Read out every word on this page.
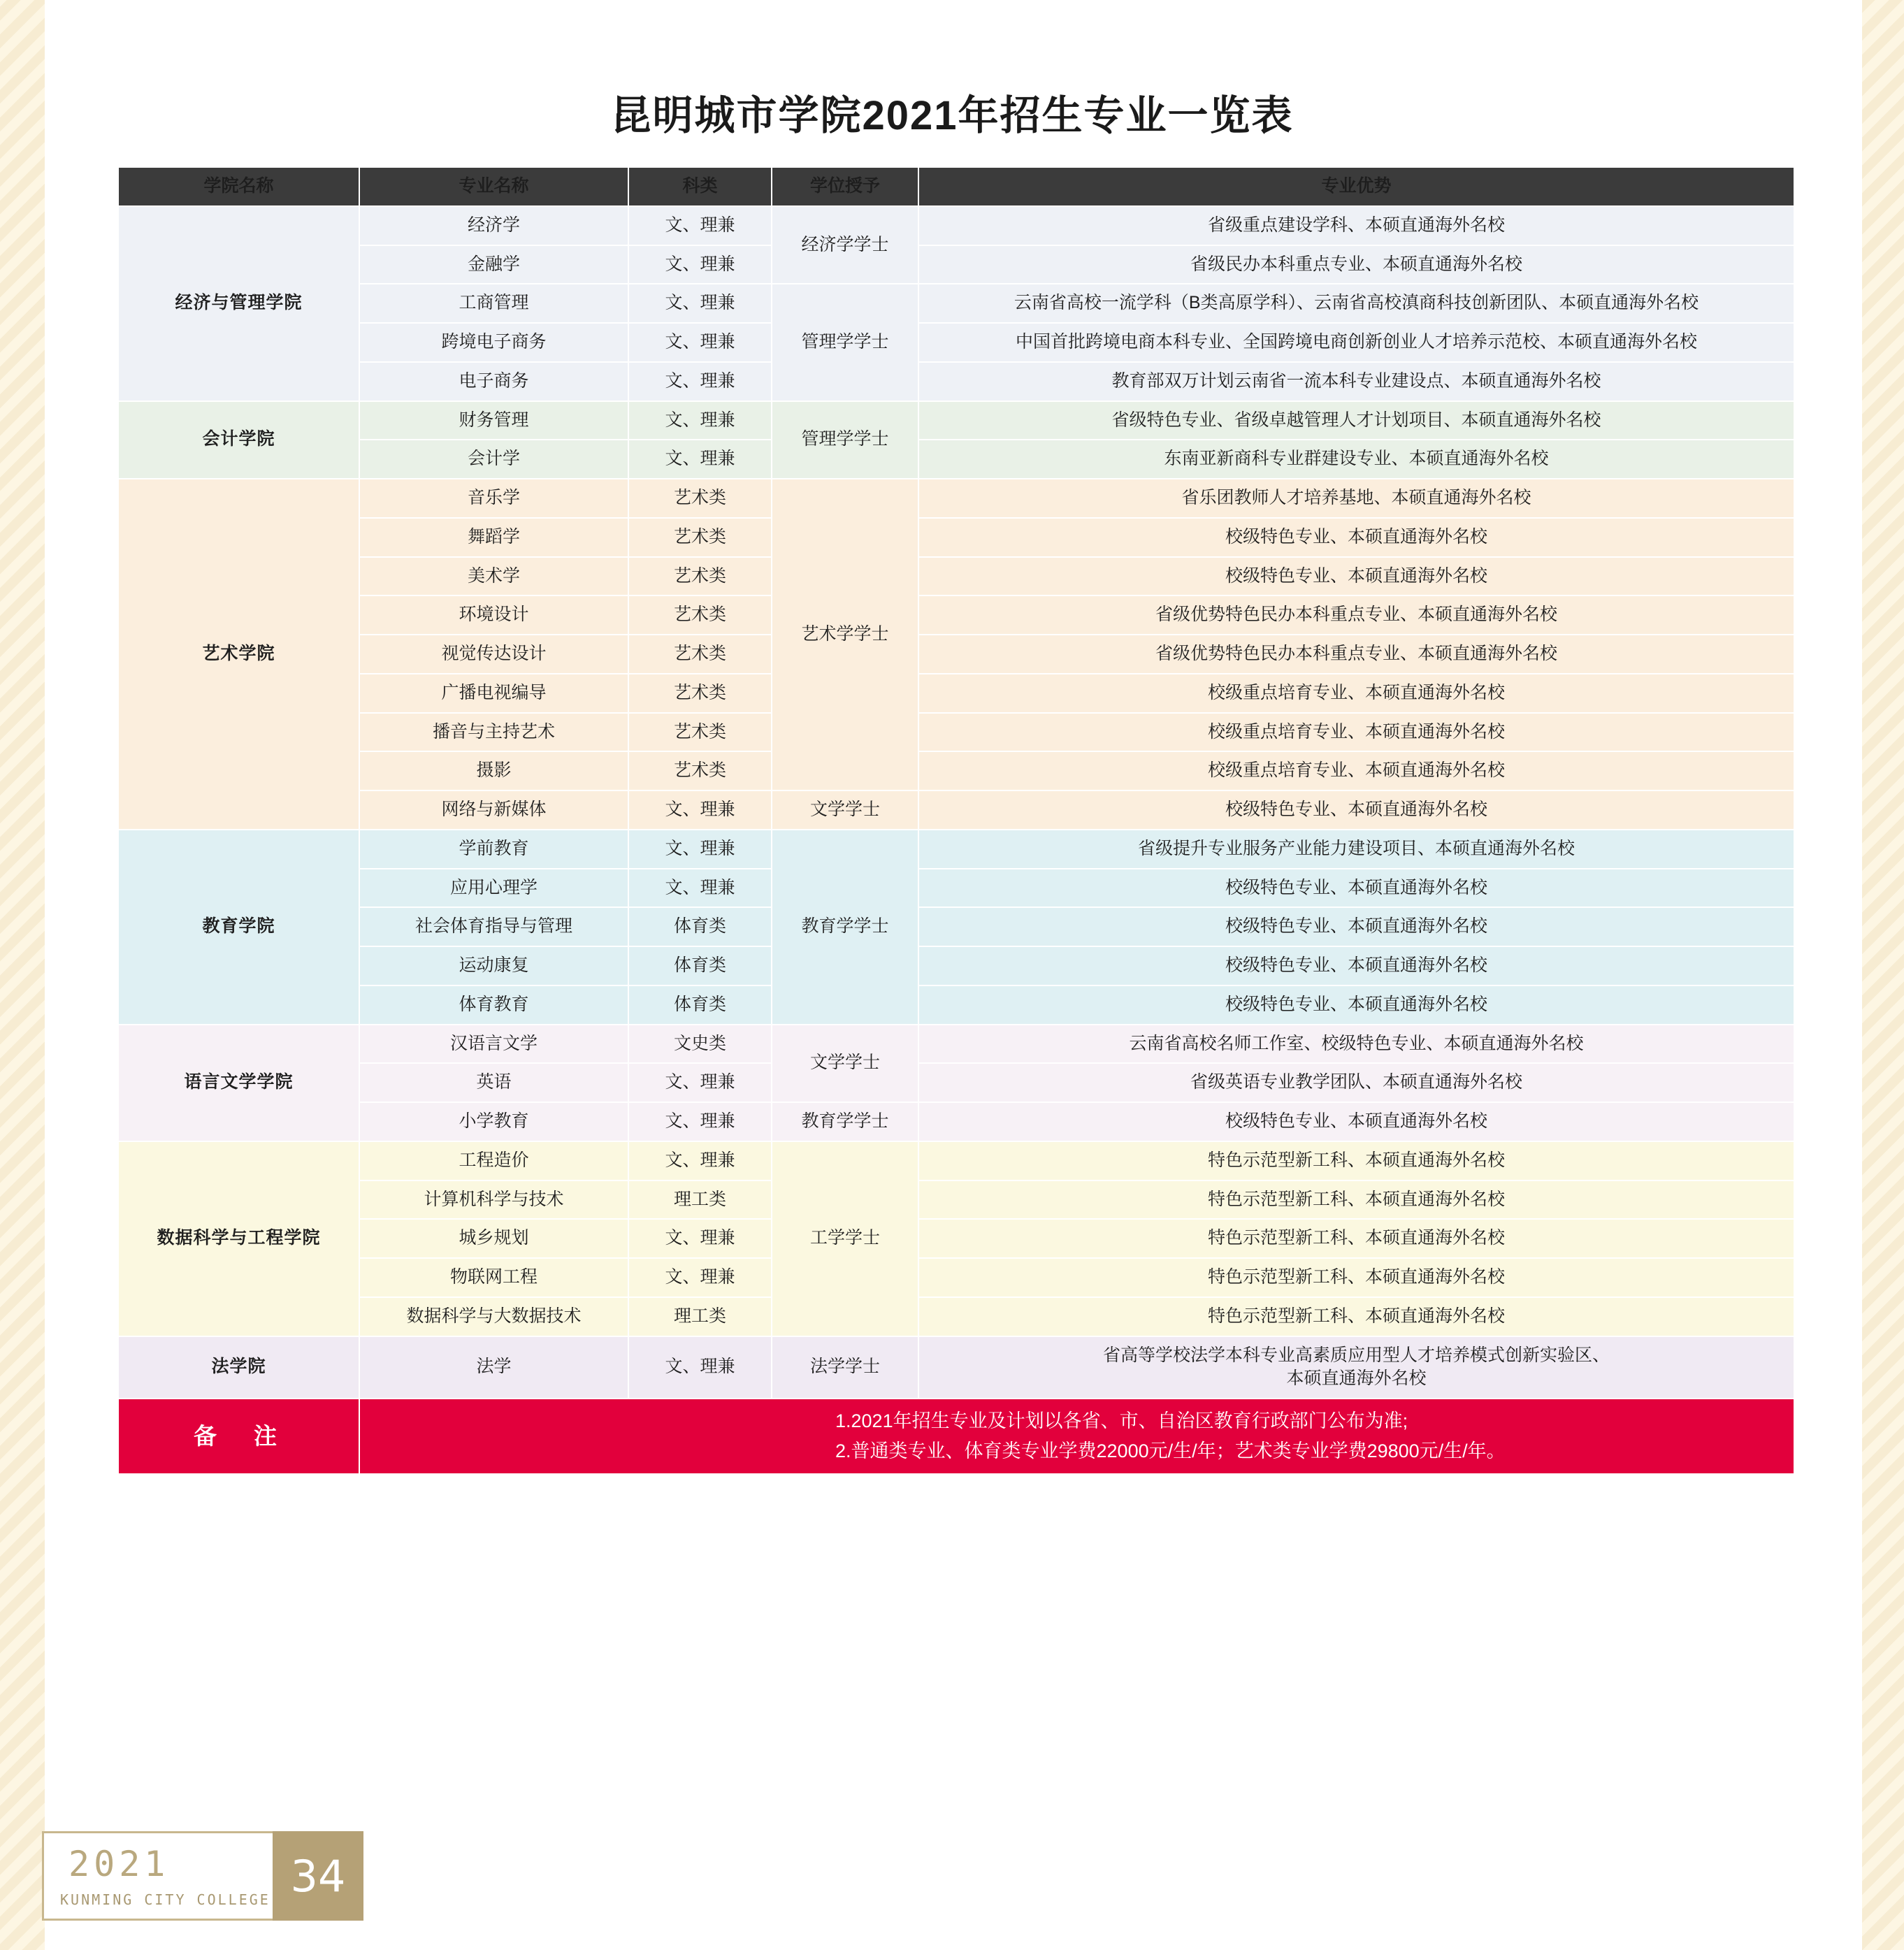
昆明城市学院2021年招生专业一览表
学院名称	专业名称	科类	学位授予	专业优势
经济与管理学院	经济学	文、理兼	经济学学士	省级重点建设学科、本硕直通海外名校
	金融学	文、理兼		省级民办本科重点专业、本硕直通海外名校
	工商管理	文、理兼	管理学学士	云南省高校一流学科（B类高原学科）、云南省高校滇商科技创新团队、本硕直通海外名校
	跨境电子商务	文、理兼		中国首批跨境电商本科专业、全国跨境电商创新创业人才培养示范校、本硕直通海外名校
	电子商务	文、理兼		教育部双万计划云南省一流本科专业建设点、本硕直通海外名校
会计学院	财务管理	文、理兼	管理学学士	省级特色专业、省级卓越管理人才计划项目、本硕直通海外名校
	会计学	文、理兼		东南亚新商科专业群建设专业、本硕直通海外名校
艺术学院	音乐学	艺术类	艺术学学士	省乐团教师人才培养基地、本硕直通海外名校
	舞蹈学	艺术类		校级特色专业、本硕直通海外名校
	美术学	艺术类		校级特色专业、本硕直通海外名校
	环境设计	艺术类		省级优势特色民办本科重点专业、本硕直通海外名校
	视觉传达设计	艺术类		省级优势特色民办本科重点专业、本硕直通海外名校
	广播电视编导	艺术类		校级重点培育专业、本硕直通海外名校
	播音与主持艺术	艺术类		校级重点培育专业、本硕直通海外名校
	摄影	艺术类		校级重点培育专业、本硕直通海外名校
	网络与新媒体	文、理兼	文学学士	校级特色专业、本硕直通海外名校
教育学院	学前教育	文、理兼	教育学学士	省级提升专业服务产业能力建设项目、本硕直通海外名校
	应用心理学	文、理兼		校级特色专业、本硕直通海外名校
	社会体育指导与管理	体育类		校级特色专业、本硕直通海外名校
	运动康复	体育类		校级特色专业、本硕直通海外名校
	体育教育	体育类		校级特色专业、本硕直通海外名校
语言文学学院	汉语言文学	文史类	文学学士	云南省高校名师工作室、校级特色专业、本硕直通海外名校
	英语	文、理兼		省级英语专业教学团队、本硕直通海外名校
	小学教育	文、理兼	教育学学士	校级特色专业、本硕直通海外名校
数据科学与工程学院	工程造价	文、理兼	工学学士	特色示范型新工科、本硕直通海外名校
	计算机科学与技术	理工类		特色示范型新工科、本硕直通海外名校
	城乡规划	文、理兼		特色示范型新工科、本硕直通海外名校
	物联网工程	文、理兼		特色示范型新工科、本硕直通海外名校
	数据科学与大数据技术	理工类		特色示范型新工科、本硕直通海外名校
法学院	法学	文、理兼	法学学士	省高等学校法学本科专业高素质应用型人才培养模式创新实验区、
本硕直通海外名校
备　注	1.2021年招生专业及计划以各省、市、自治区教育行政部门公布为准;
2.普通类专业、体育类专业学费22000元/生/年；艺术类专业学费29800元/生/年。			
2021
KUNMING CITY COLLEGE 34
